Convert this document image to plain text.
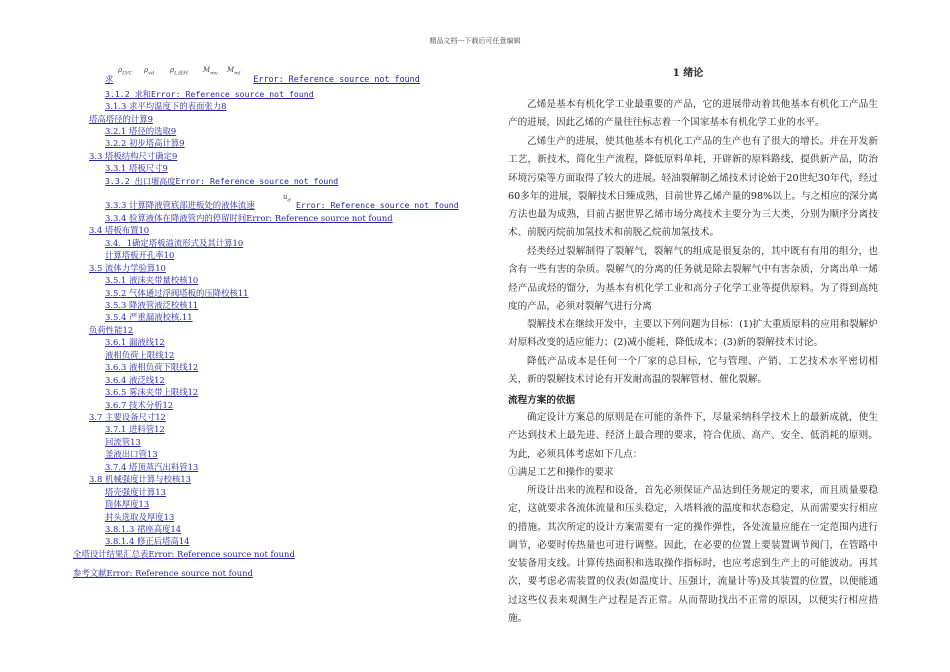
精品文档---下载后可任意编辑
$\rho_{LVC}$ $\rho_{vd}$ $\rho_{L进料}$ $M_{mv}$ $M_{ml}$
求	Error: Reference source not found
3.1.2 求和Error: Reference source not found
3.1.3 求平均温度下的表面张力8
塔高塔径的计算9
3.2.1 塔径的选取9
3.2.2 初步塔高计算9
3.3 塔板结构尺寸确定9
3.3.1 塔板尺寸9
3.3.2 出口堰高度Error: Reference source not found
$u_d$
3.3.3 计算降液管底部进板处的液体流速	Error: Reference source not found
3.3.4 验算液体在降液管内的停留时间Error: Reference source not found
3.4 塔板布置10
3.4．1确定塔板溢流形式及其计算10
计算塔板开孔率10
3.5 流体力学验算10
3.5.1 液沫夹带量校核10
3.5.2 气体通过浮阀塔板的压降校核11
3.5.3 降液管液泛校核11
3.5.4 严重漏液校核.11
负荷性能12
3.6.1 漏液线12
液相负荷上限线12
3.6.3 液相负荷下限线12
3.6.4 液泛线12
3.6.5 雾沫夹带上限线12
3.6.7 技术分析12
3.7 主要设备尺寸12
3.7.1 进料管12
回流管13
釜液出口管13
3.7.4 塔顶蒸汽出料管13
3.8 机械强度计算与校核13
塔壳强度计算13
筒体厚度13
封头选取及厚度13
3.8.1.3 裙座高度14
3.8.1.4 修正后塔高14
全塔设计结果汇总表Error: Reference source not found
参考文献Error: Reference source not found
1 绪论

乙烯是基本有机化学工业最重要的产品，它的进展带动着其他基本有机化工产品生产的进展，因此乙烯的产量往往标志着一个国家基本有机化学工业的水平。

乙烯生产的进展，使其他基本有机化工产品的生产也有了很大的增长。并在开发新工艺，新技术，简化生产流程，降低原料单耗，开辟新的原料路线，提供新产品，防治环境污染等方面取得了较大的进展。轻油裂解制乙烯技术讨论始于20世纪30年代，经过60多年的进展，裂解技术日臻成熟，目前世界乙烯产量的98%以上。与之相应的深分离方法也最为成熟，目前占据世界乙烯市场分离技术主要分为三大类，分别为顺序分离技术、前脱丙烷前加氢技术和前脱乙烷前加氢技术。

烃类经过裂解制得了裂解气，裂解气的组成是很复杂的，其中既有有用的组分，也含有一些有害的杂质。裂解气的分离的任务就是除去裂解气中有害杂质，分离出单一烯烃产品或烃的馏分，为基本有机化学工业和高分子化学工业等提供原料。为了得到高纯度的产品，必须对裂解气进行分离

裂解技术在继续开发中，主要以下列问题为目标：(1)扩大重质原料的应用和裂解炉对原料改变的适应能力；(2)减小能耗，降低成本；(3)新的裂解技术讨论。

降低产品成本是任何一个厂家的总目标，它与管理、产销、工艺技术水平密切相关，新的裂解技术讨论有开发耐高温的裂解管材、催化裂解。

流程方案的依据

确定设计方案总的原则是在可能的条件下，尽量采纳科学技术上的最新成就，使生产达到技术上最先进、经济上最合理的要求，符合优质、高产、安全、低消耗的原则。为此，必须具体考虑如下几点：

①满足工艺和操作的要求

所设计出来的流程和设备，首先必须保证产品达到任务规定的要求，而且质量要稳定，这就要求各流体流量和压头稳定，入塔料液的温度和状态稳定，从而需要实行相应的措施。其次所定的设计方案需要有一定的操作弹性，各处流量应能在一定范围内进行调节，必要时传热量也可进行调整。因此，在必要的位置上要装置调节阀门，在管路中安装备用支线。计算传热面积和选取操作指标时，也应考虑到生产上的可能波动。再其次，要考虑必需装置的仪表(如温度计、压强计，流量计等)及其装置的位置，以便能通过这些仪表来观测生产过程是否正常。从而帮助找出不正常的原因，以便实行相应措施。
